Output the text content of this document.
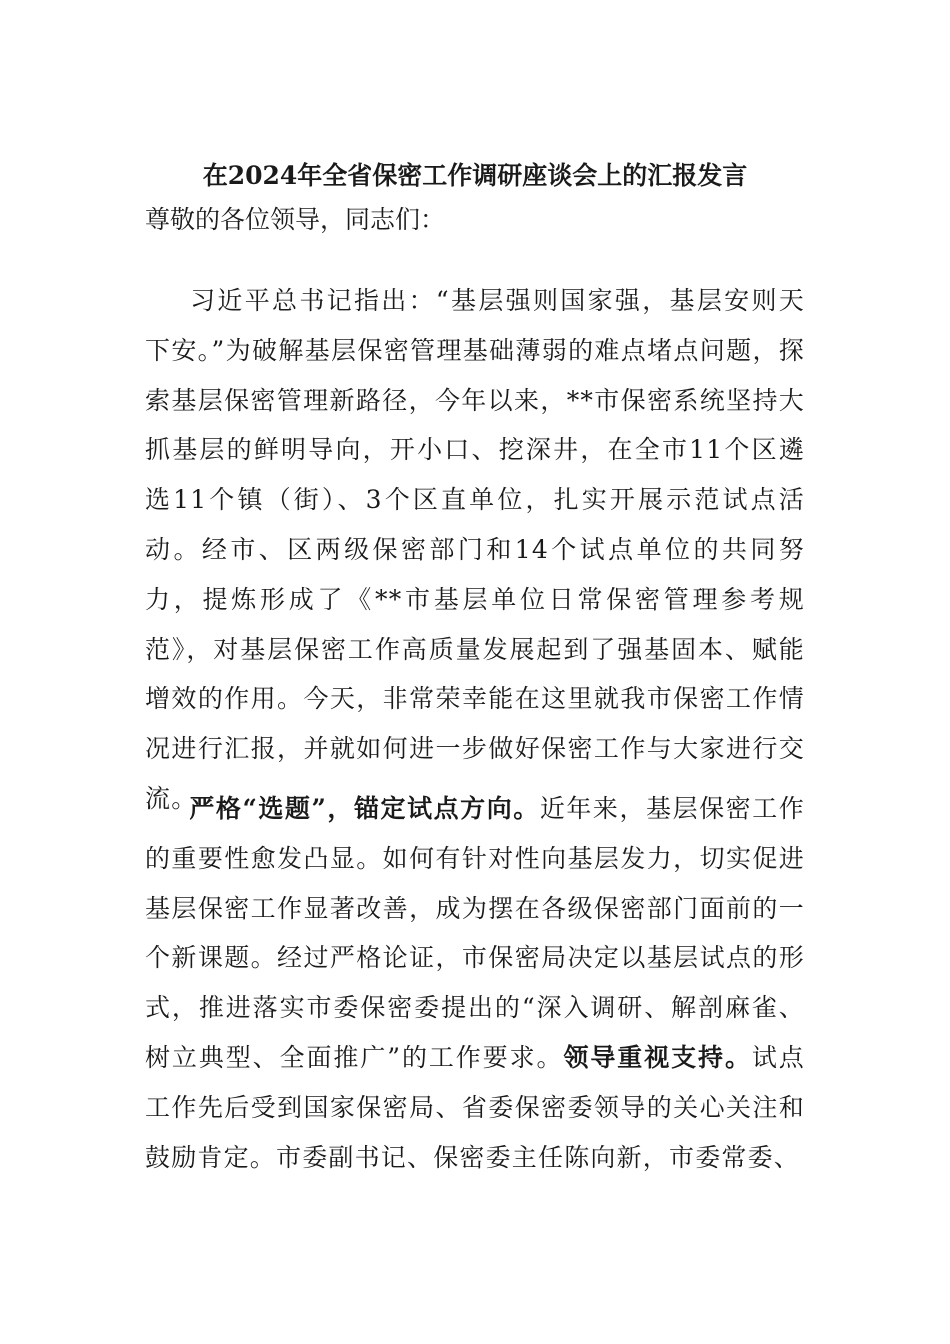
在2024年全省保密工作调研座谈会上的汇报发言
尊敬的各位领导，同志们：
习近平总书记指出：“基层强则国家强，基层安则天下安。”为破解基层保密管理基础薄弱的难点堵点问题，探索基层保密管理新路径，今年以来，**市保密系统坚持大抓基层的鲜明导向，开小口、挖深井，在全市11个区遴选11个镇（街）、3个区直单位，扎实开展示范试点活动。经市、区两级保密部门和14个试点单位的共同努力，提炼形成了《**市基层单位日常保密管理参考规范》，对基层保密工作高质量发展起到了强基固本、赋能增效的作用。今天，非常荣幸能在这里就我市保密工作情况进行汇报，并就如何进一步做好保密工作与大家进行交流。
严格“选题”，锚定试点方向。近年来，基层保密工作的重要性愈发凸显。如何有针对性向基层发力，切实促进基层保密工作显著改善，成为摆在各级保密部门面前的一个新课题。经过严格论证，市保密局决定以基层试点的形式，推进落实市委保密委提出的“深入调研、解剖麻雀、树立典型、全面推广”的工作要求。领导重视支持。试点工作先后受到国家保密局、省委保密委领导的关心关注和鼓励肯定。市委副书记、保密委主任陈向新，市委常委、
